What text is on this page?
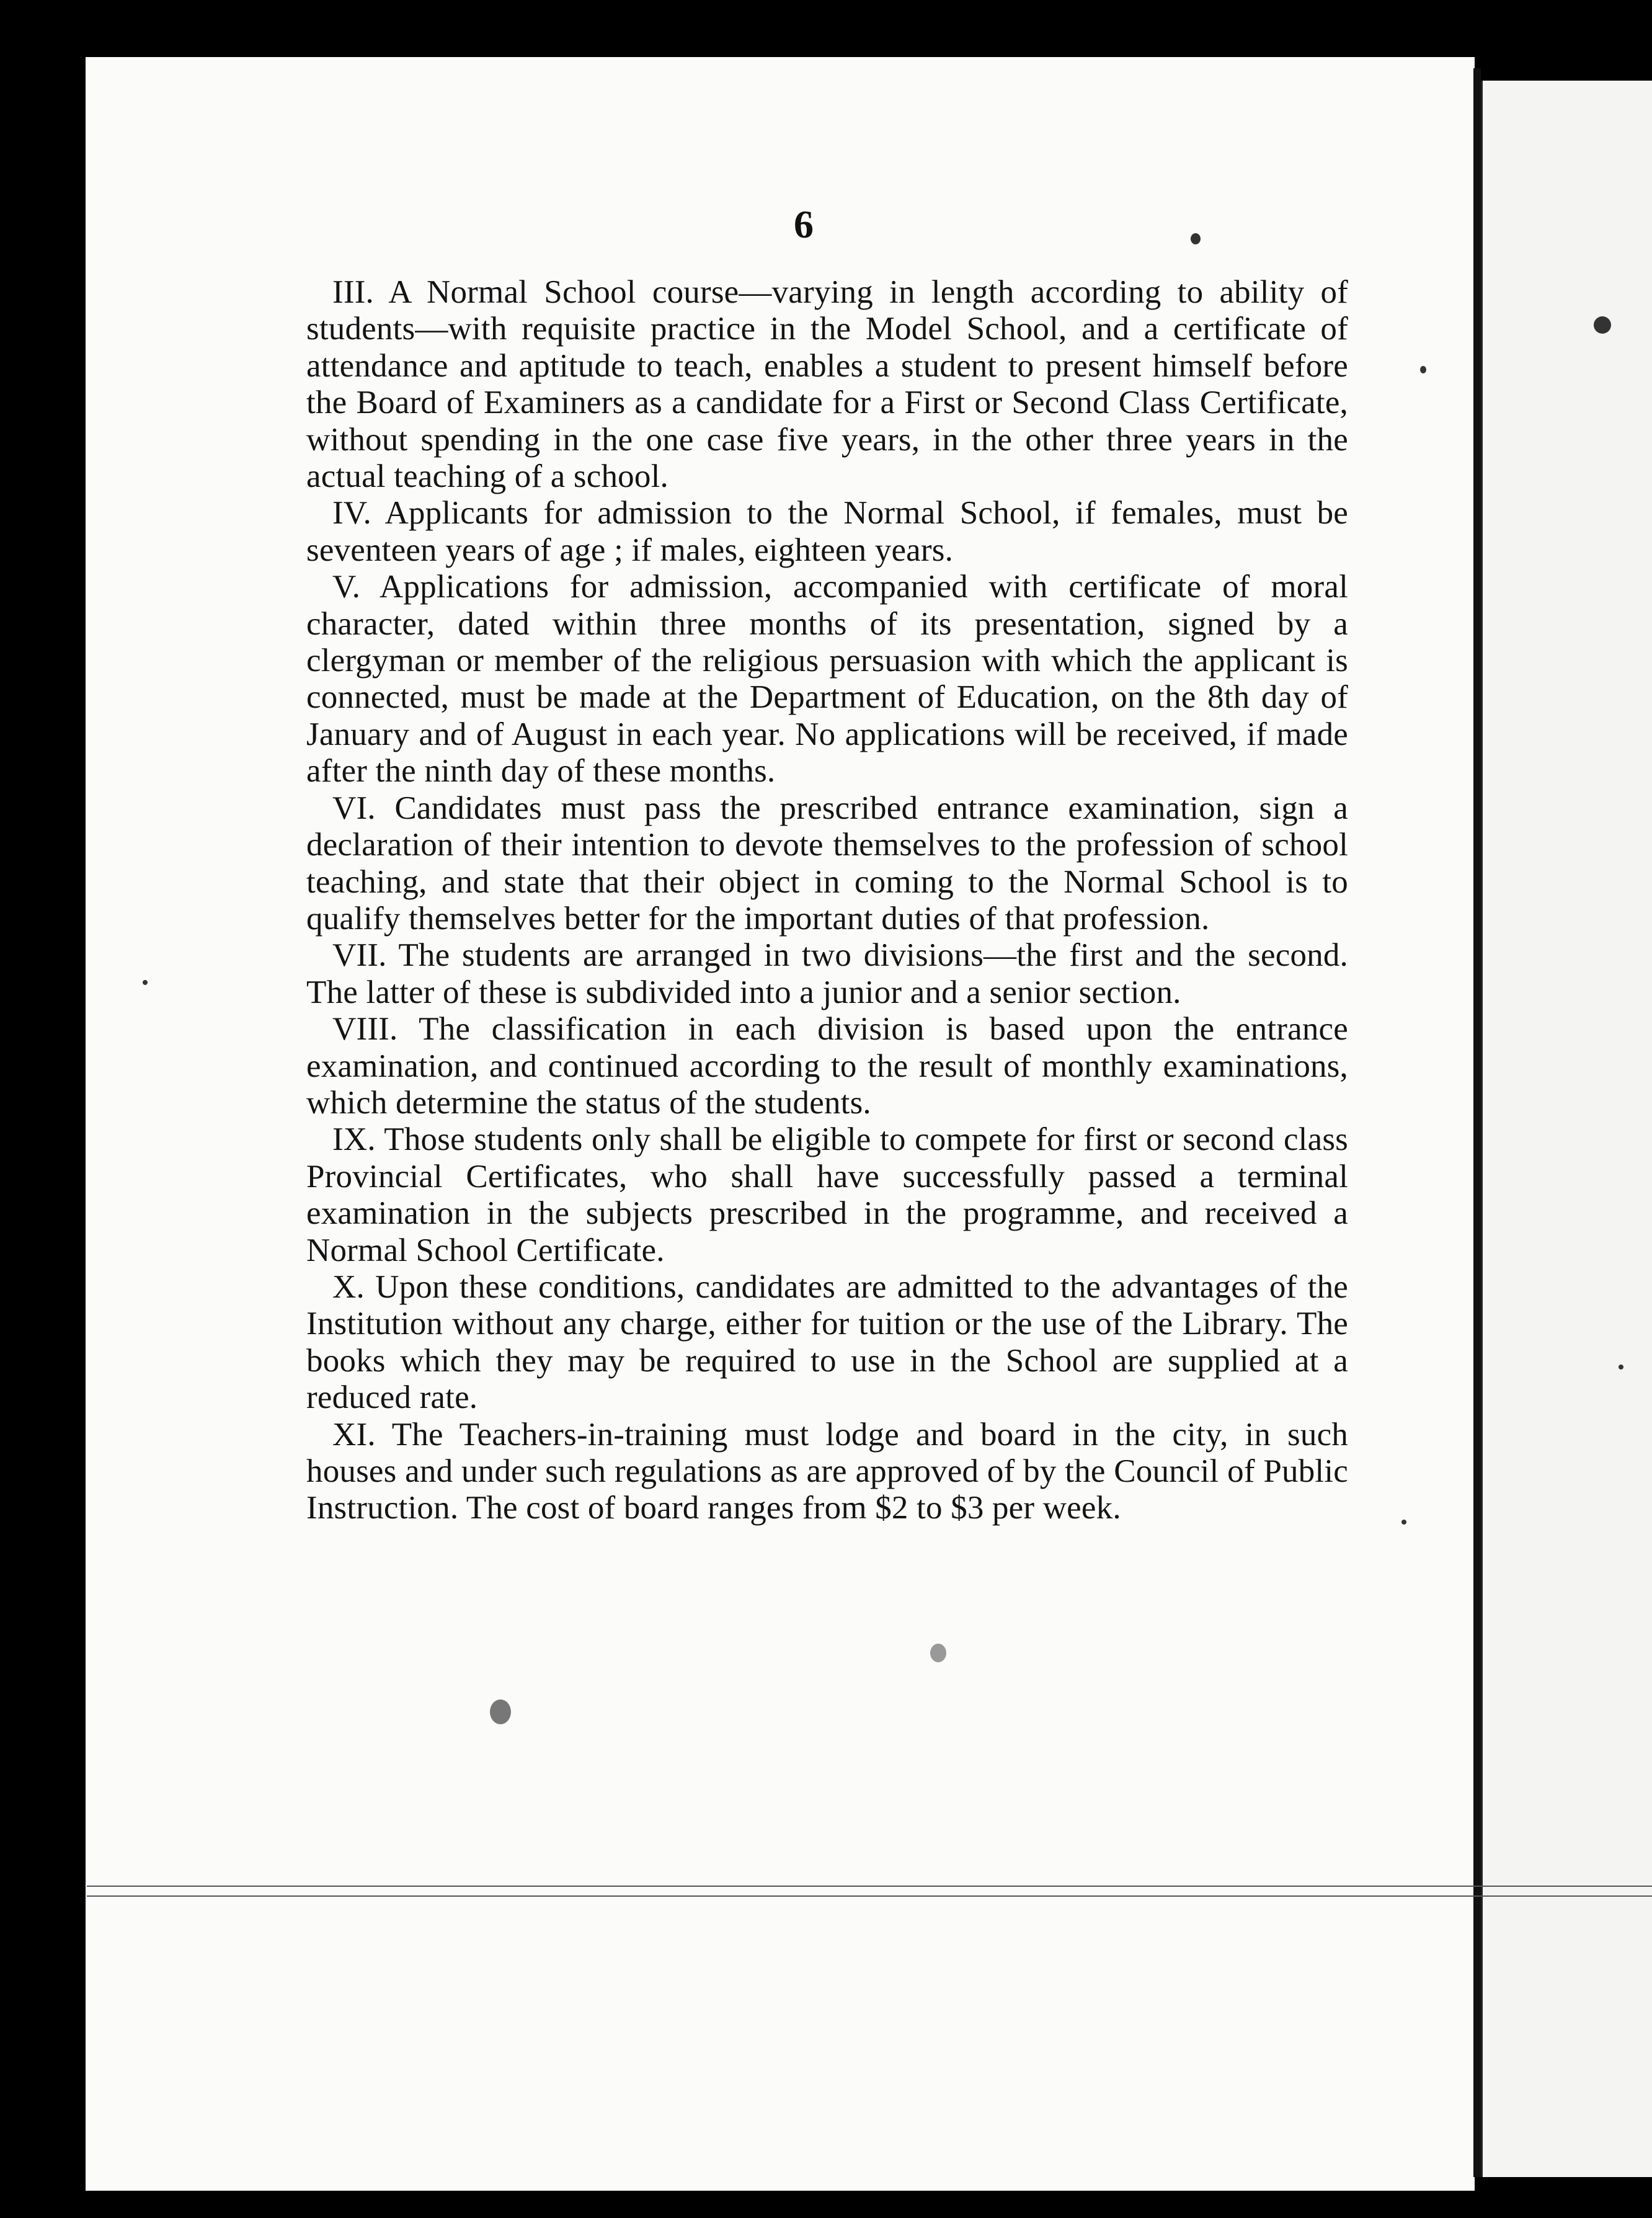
6

III. A Normal School course—varying in length according to ability of students—with requisite practice in the Model School, and a certificate of attendance and aptitude to teach, enables a student to present himself before the Board of Examiners as a candidate for a First or Second Class Certificate, without spending in the one case five years, in the other three years in the actual teaching of a school.

IV. Applicants for admission to the Normal School, if females, must be seventeen years of age ; if males, eighteen years.

V. Applications for admission, accompanied with certificate of moral character, dated within three months of its presentation, signed by a clergyman or member of the religious persuasion with which the applicant is connected, must be made at the Department of Education, on the 8th day of January and of August in each year. No applications will be received, if made after the ninth day of these months.

VI. Candidates must pass the prescribed entrance examination, sign a declaration of their intention to devote themselves to the profession of school teaching, and state that their object in coming to the Normal School is to qualify themselves better for the important duties of that profession.

VII. The students are arranged in two divisions—the first and the second. The latter of these is subdivided into a junior and a senior section.

VIII. The classification in each division is based upon the entrance examination, and continued according to the result of monthly examinations, which determine the status of the students.

IX. Those students only shall be eligible to compete for first or second class Provincial Certificates, who shall have successfully passed a terminal examination in the subjects prescribed in the programme, and received a Normal School Certificate.

X. Upon these conditions, candidates are admitted to the advantages of the Institution without any charge, either for tuition or the use of the Library. The books which they may be required to use in the School are supplied at a reduced rate.

XI. The Teachers-in-training must lodge and board in the city, in such houses and under such regulations as are approved of by the Council of Public Instruction. The cost of board ranges from $2 to $3 per week.
